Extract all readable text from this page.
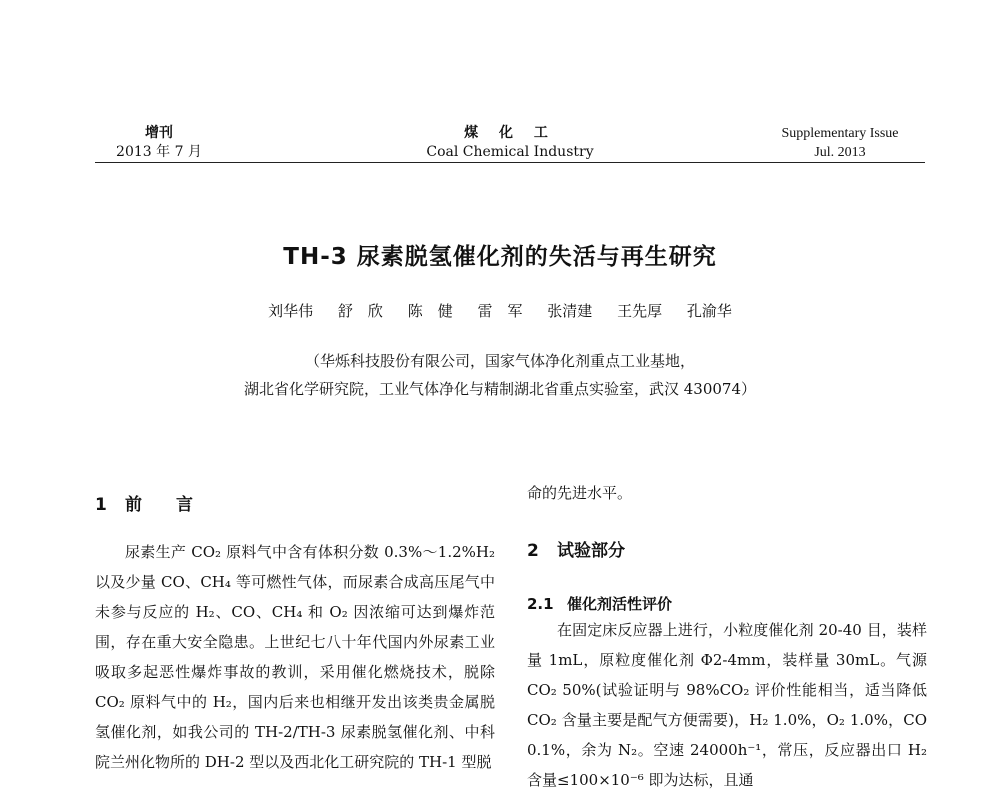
增刊
2013 年 7 月
煤 化 工
Coal Chemical Industry
Supplementary Issue
Jul. 2013
TH-3 尿素脱氢催化剂的失活与再生研究
刘华伟 舒　欣 陈　健 雷　军 张清建 王先厚 孔渝华
（华烁科技股份有限公司，国家气体净化剂重点工业基地，
湖北省化学研究院，工业气体净化与精制湖北省重点实验室，武汉 430074）
1 前　　言

尿素生产 CO₂ 原料气中含有体积分数 0.3%～1.2%H₂ 以及少量 CO、CH₄ 等可燃性气体，而尿素合成高压尾气中未参与反应的 H₂、CO、CH₄ 和 O₂ 因浓缩可达到爆炸范围，存在重大安全隐患。上世纪七八十年代国内外尿素工业吸取多起恶性爆炸事故的教训，采用催化燃烧技术，脱除 CO₂ 原料气中的 H₂，国内后来也相继开发出该类贵金属脱氢催化剂，如我公司的 TH-2/TH-3 尿素脱氢催化剂、中科院兰州化物所的 DH-2 型以及西北化工研究院的 TH-1 型脱

命的先进水平。
2 试验部分
2.1 催化剂活性评价

在固定床反应器上进行，小粒度催化剂 20-40 目，装样量 1mL，原粒度催化剂 Φ2-4mm，装样量 30mL。气源 CO₂ 50%(试验证明与 98%CO₂ 评价性能相当，适当降低 CO₂ 含量主要是配气方便需要)，H₂ 1.0%，O₂ 1.0%，CO 0.1%，余为 N₂。空速 24000h⁻¹，常压，反应器出口 H₂ 含量≤100×10⁻⁶ 即为达标，且通
